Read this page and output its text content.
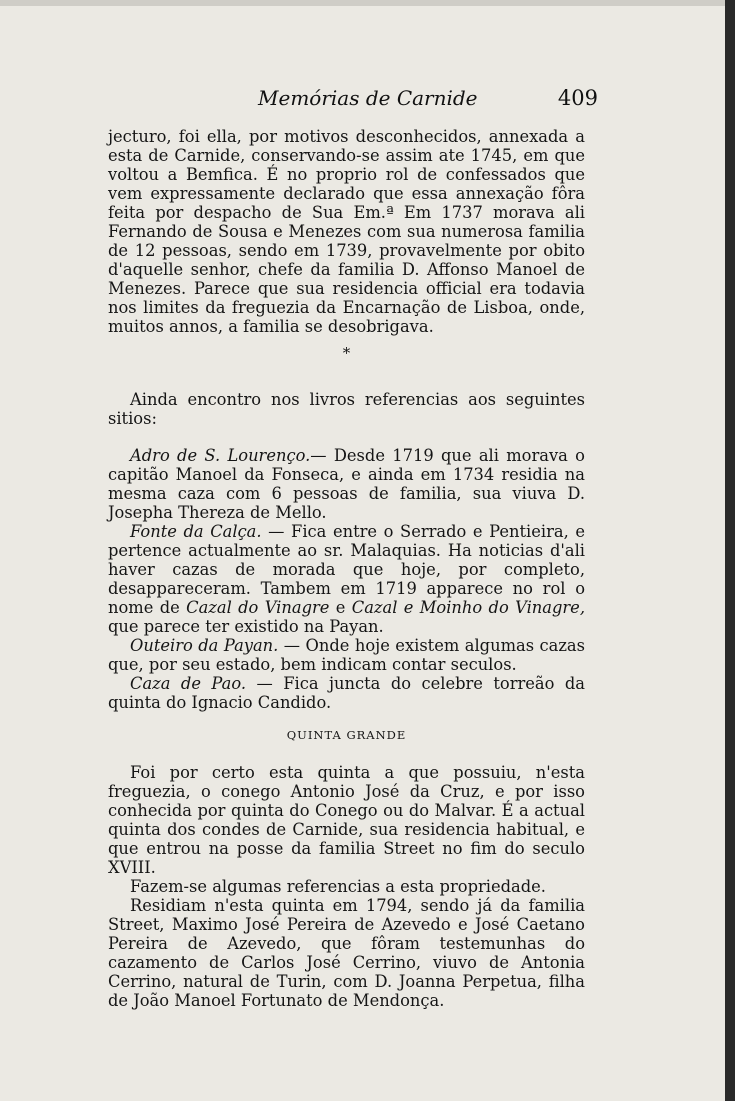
Memórias de Carnide	409

jecturo, foi ella, por motivos desconhecidos, annexada a esta de Carnide, conservando-se assim ate 1745, em que voltou a Bemfica. É no proprio rol de confessados que vem expressamente declarado que essa annexação fôra feita por despacho de Sua Em.ª Em 1737 morava ali Fernando de Sousa e Menezes com sua numerosa familia de 12 pessoas, sendo em 1739, provavelmente por obito d'aquelle senhor, chefe da familia D. Affonso Manoel de Menezes. Parece que sua residencia official era todavia nos limites da freguezia da Encarnação de Lisboa, onde, muitos annos, a familia se desobrigava.

*

Ainda encontro nos livros referencias aos seguintes sitios:

Adro de S. Lourenço.— Desde 1719 que ali morava o capitão Manoel da Fonseca, e ainda em 1734 residia na mesma caza com 6 pessoas de familia, sua viuva D. Josepha Thereza de Mello.

Fonte da Calça. — Fica entre o Serrado e Pentieira, e pertence actualmente ao sr. Malaquias. Ha noticias d'ali haver cazas de morada que hoje, por completo, desappareceram. Tambem em 1719 apparece no rol o nome de Cazal do Vinagre e Cazal e Moinho do Vinagre, que parece ter existido na Payan.

Outeiro da Payan. — Onde hoje existem algumas cazas que, por seu estado, bem indicam contar seculos.

Caza de Pao. — Fica juncta do celebre torreão da quinta do Ignacio Candido.

QUINTA GRANDE

Foi por certo esta quinta a que possuiu, n'esta freguezia, o conego Antonio José da Cruz, e por isso conhecida por quinta do Conego ou do Malvar. É a actual quinta dos condes de Carnide, sua residencia habitual, e que entrou na posse da familia Street no fim do seculo XVIII.

Fazem-se algumas referencias a esta propriedade.

Residiam n'esta quinta em 1794, sendo já da familia Street, Maximo José Pereira de Azevedo e José Caetano Pereira de Azevedo, que fôram testemunhas do cazamento de Carlos José Cerrino, viuvo de Antonia Cerrino, natural de Turin, com D. Joanna Perpetua, filha de João Manoel Fortunato de Mendonça.
